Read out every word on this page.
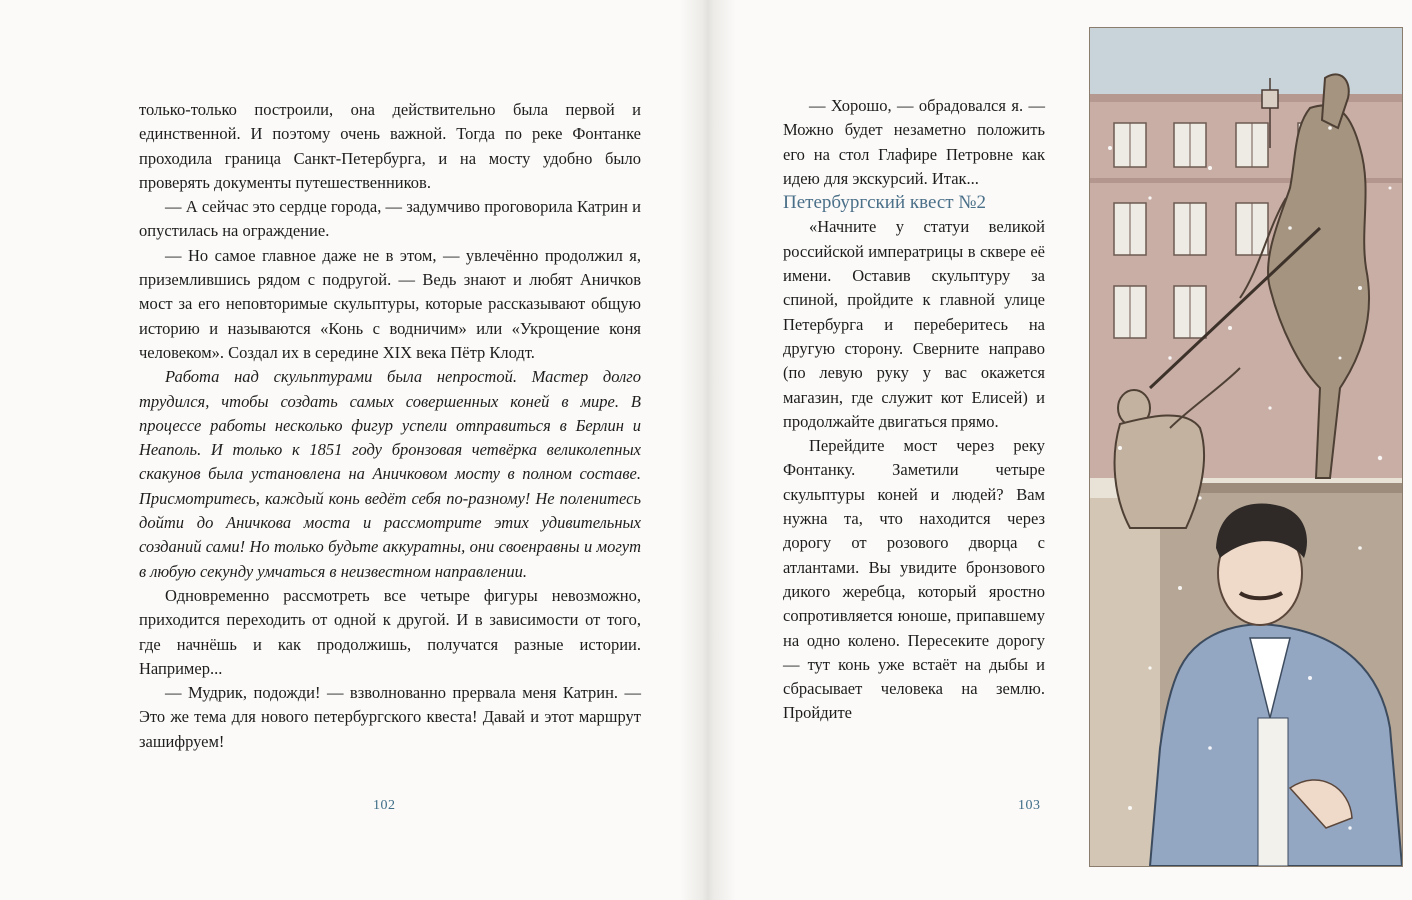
только-только построили, она действительно была первой и единственной. И поэтому очень важной. Тогда по реке Фонтанке проходила граница Санкт-Петербурга, и на мосту удобно было проверять документы путешественников.

— А сейчас это сердце города, — задумчиво проговорила Катрин и опустилась на ограждение.

— Но самое главное даже не в этом, — увлечённо продолжил я, приземлившись рядом с подругой. — Ведь знают и любят Аничков мост за его неповторимые скульптуры, которые рассказывают общую историю и называются «Конь с водничим» или «Укрощение коня человеком». Создал их в середине XIX века Пётр Клодт.

Работа над скульптурами была непростой. Мастер долго трудился, чтобы создать самых совершенных коней в мире. В процессе работы несколько фигур успели отправиться в Берлин и Неаполь. И только к 1851 году бронзовая четвёрка великолепных скакунов была установлена на Аничковом мосту в полном составе. Присмотритесь, каждый конь ведёт себя по-разному! Не поленитесь дойти до Аничкова моста и рассмотрите этих удивительных созданий сами! Но только будьте аккуратны, они своенравны и могут в любую секунду умчаться в неизвестном направлении.

Одновременно рассмотреть все четыре фигуры невозможно, приходится переходить от одной к другой. И в зависимости от того, где начнёшь и как продолжишь, получатся разные истории. Например...

— Мудрик, подожди! — взволнованно прервала меня Катрин. — Это же тема для нового петербургского квеста! Давай и этот маршрут зашифруем!

102

— Хорошо, — обрадовался я. — Можно будет незаметно положить его на стол Глафире Петровне как идею для экскурсий. Итак...

Петербургский квест №2

«Начните у статуи великой российской императрицы в сквере её имени. Оставив скульптуру за спиной, пройдите к главной улице Петербурга и переберитесь на другую сторону. Сверните направо (по левую руку у вас окажется магазин, где служит кот Елисей) и продолжайте двигаться прямо.

Перейдите мост через реку Фонтанку. Заметили четыре скульптуры коней и людей? Вам нужна та, что находится через дорогу от розового дворца с атлантами. Вы увидите бронзового дикого жеребца, который яростно сопротивляется юноше, припавшему на одно колено. Пересеките дорогу — тут конь уже встаёт на дыбы и сбрасывает человека на землю. Пройдите

103
